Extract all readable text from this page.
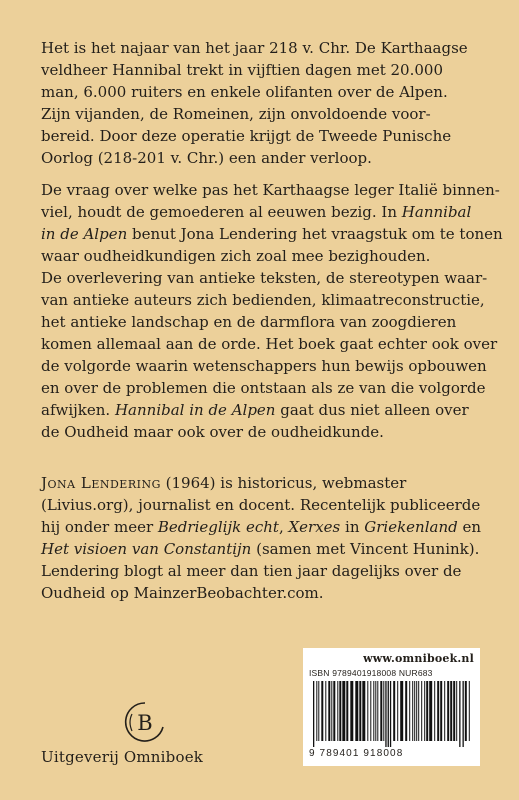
Het is het najaar van het jaar 218 v. Chr. De Karthaagse
veldheer Hannibal trekt in vijftien dagen met 20.000
man, 6.000 ruiters en enkele olifanten over de Alpen.
Zijn vijanden, de Romeinen, zijn onvoldoende voor-
bereid. Door deze operatie krijgt de Tweede Punische
Oorlog (218-201 v. Chr.) een ander verloop.
De vraag over welke pas het Karthaagse leger Italië binnen-
viel, houdt de gemoederen al eeuwen bezig. In Hannibal
in de Alpen benut Jona Lendering het vraagstuk om te tonen
waar oudheidkundigen zich zoal mee bezighouden.
De overlevering van antieke teksten, de stereotypen waar-
van antieke auteurs zich bedienden, klimaatreconstructie,
het antieke landschap en de darmflora van zoogdieren
komen allemaal aan de orde. Het boek gaat echter ook over
de volgorde waarin wetenschappers hun bewijs opbouwen
en over de problemen die ontstaan als ze van die volgorde
afwijken. Hannibal in de Alpen gaat dus niet alleen over
de Oudheid maar ook over de oudheidkunde.
Jona Lendering (1964) is historicus, webmaster
(Livius.org), journalist en docent. Recentelijk publiceerde
hij onder meer Bedrieglijk echt, Xerxes in Griekenland en
Het visioen van Constantijn (samen met Vincent Hunink).
Lendering blogt al meer dan tien jaar dagelijks over de
Oudheid op MainzerBeobachter.com.
www.omniboek.nl
ISBN 9789401918008 NUR683
9 789401 918008
B
Uitgeverij Omniboek
